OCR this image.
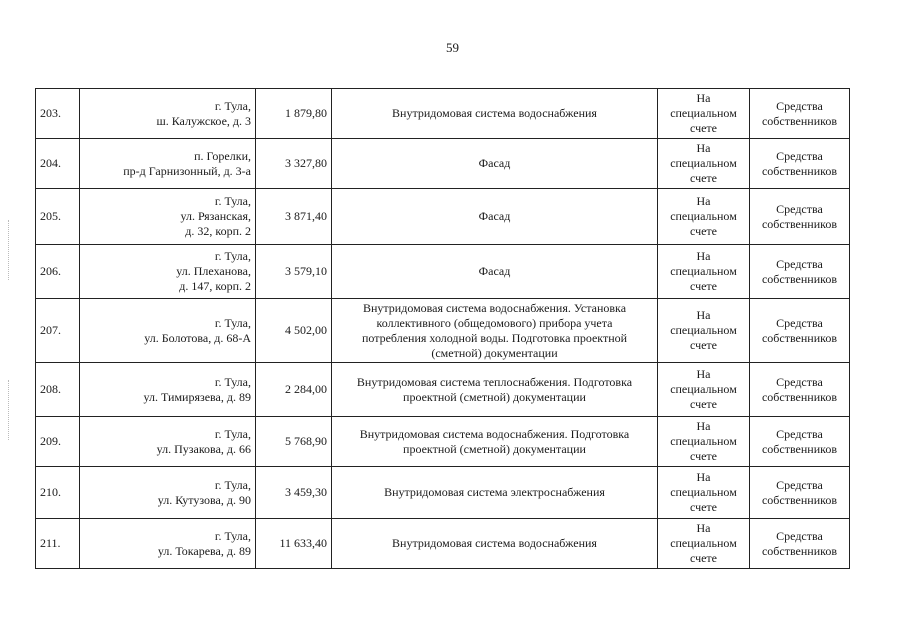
59
203.	г. Тула,
ш. Калужское, д. 3	1 879,80	Внутридомовая система водоснабжения	На
специальном
счете	Средства
собственников

204.	п. Горелки,
пр-д Гарнизонный, д. 3-а	3 327,80	Фасад	На
специальном
счете	Средства
собственников

205.	г. Тула,
ул. Рязанская,
д. 32, корп. 2	3 871,40	Фасад	На
специальном
счете	Средства
собственников

206.	г. Тула,
ул. Плеханова,
д. 147, корп. 2	3 579,10	Фасад	На
специальном
счете	Средства
собственников

207.	г. Тула,
ул. Болотова, д. 68-А	4 502,00	Внутридомовая система водоснабжения. Установка
коллективного (общедомового) прибора учета
потребления холодной воды. Подготовка проектной
(сметной) документации	На
специальном
счете	Средства
собственников

208.	г. Тула,
ул. Тимирязева, д. 89	2 284,00	Внутридомовая система теплоснабжения. Подготовка
проектной (сметной) документации	На
специальном
счете	Средства
собственников

209.	г. Тула,
ул. Пузакова, д. 66	5 768,90	Внутридомовая система водоснабжения. Подготовка
проектной (сметной) документации	На
специальном
счете	Средства
собственников

210.	г. Тула,
ул. Кутузова, д. 90	3 459,30	Внутридомовая система электроснабжения	На
специальном
счете	Средства
собственников

211.	г. Тула,
ул. Токарева, д. 89	11 633,40	Внутридомовая система водоснабжения	На
специальном
счете	Средства
собственников
